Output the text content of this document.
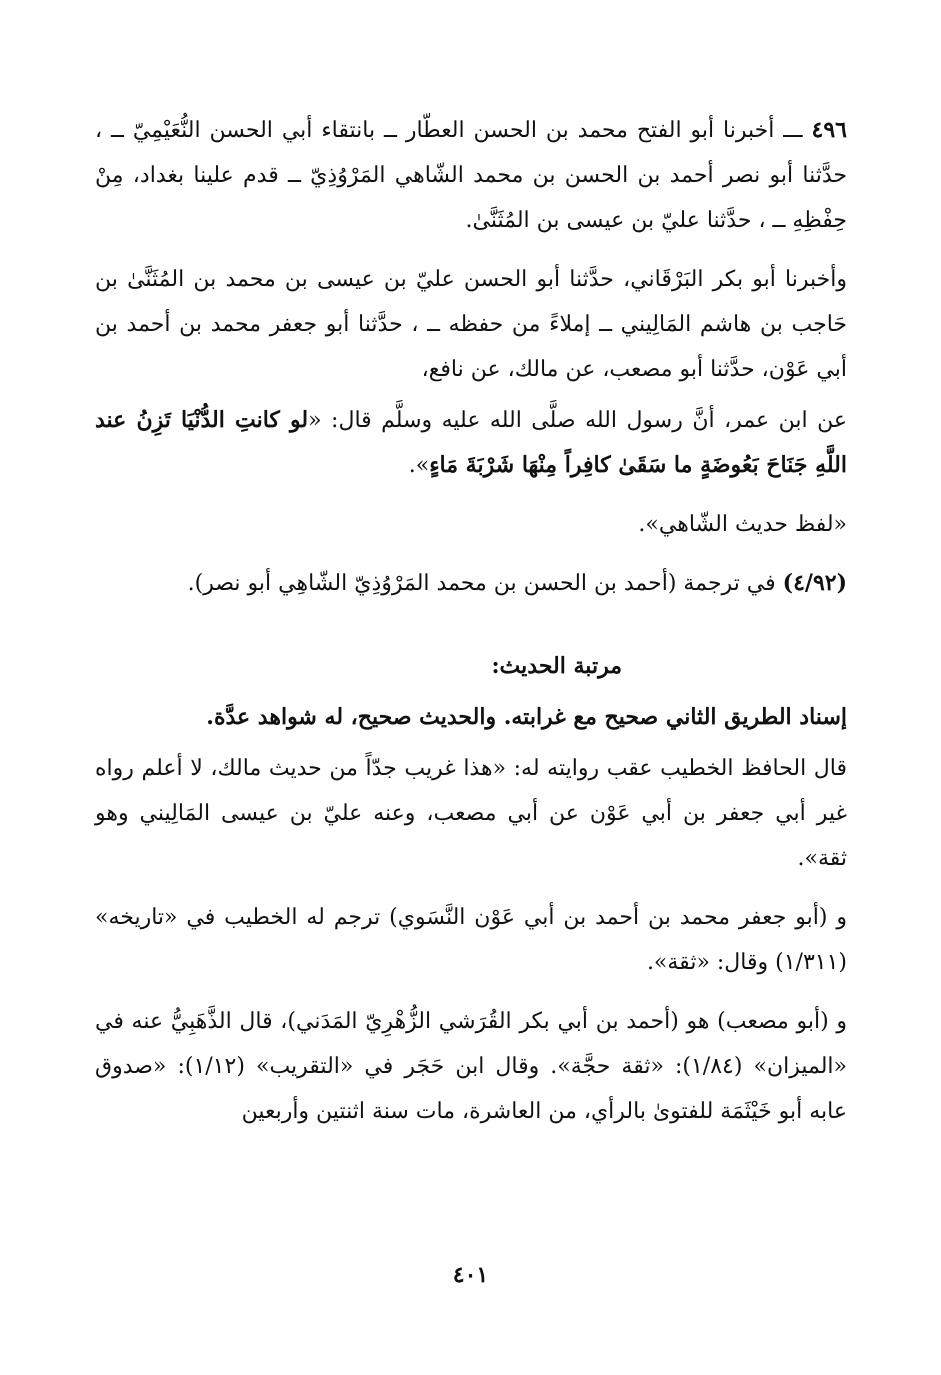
٤٩٦ ـــ أخبرنا أبو الفتح محمد بن الحسن العطّار ــ بانتقاء أبي الحسن النُّعَيْمِيّ ــ ، حدَّثنا أبو نصر أحمد بن الحسن بن محمد الشّاهي المَرْوُذِيّ ــ قدم علينا بغداد، مِنْ حِفْظِهِ ــ ، حدَّثنا عليّ بن عيسى بن المُثَنَّىٰ.

وأخبرنا أبو بكر البَرْقَاني، حدَّثنا أبو الحسن عليّ بن عيسى بن محمد بن المُثَنَّىٰ بن حَاجب بن هاشم المَالِيني ــ إملاءً من حفظه ــ ، حدَّثنا أبو جعفر محمد بن أحمد بن أبي عَوْن، حدَّثنا أبو مصعب، عن مالك، عن نافع،

عن ابن عمر، أنَّ رسول الله صلَّى الله عليه وسلَّم قال: «لو كانتِ الدُّنْيَا تَزِنُ عند اللَّهِ جَنَاحَ بَعُوضَةٍ ما سَقَىٰ كافِراً مِنْهَا شَرْبَةَ مَاءٍ».

«لفظ حديث الشّاهي».

(٤/٩٢) في ترجمة (أحمد بن الحسن بن محمد المَرْوُذِيّ الشّاهِي أبو نصر).

مرتبة الحديث:

إسناد الطريق الثاني صحيح مع غرابته. والحديث صحيح، له شواهد عدَّة.

قال الحافظ الخطيب عقب روايته له: «هذا غريب جدّاً من حديث مالك، لا أعلم رواه غير أبي جعفر بن أبي عَوْن عن أبي مصعب، وعنه عليّ بن عيسى المَالِيني وهو ثقة».

و (أبو جعفر محمد بن أحمد بن أبي عَوْن النَّسَوي) ترجم له الخطيب في «تاريخه» (١/٣١١) وقال: «ثقة».

و (أبو مصعب) هو (أحمد بن أبي بكر القُرَشي الزُّهْرِيّ المَدَني)، قال الذَّهَبِيُّ عنه في «الميزان» (١/٨٤): «ثقة حجَّة». وقال ابن حَجَر في «التقريب» (١/١٢): «صدوق عابه أبو خَيْثَمَة للفتوىٰ بالرأي، من العاشرة، مات سنة اثنتين وأربعين

٤٠١
